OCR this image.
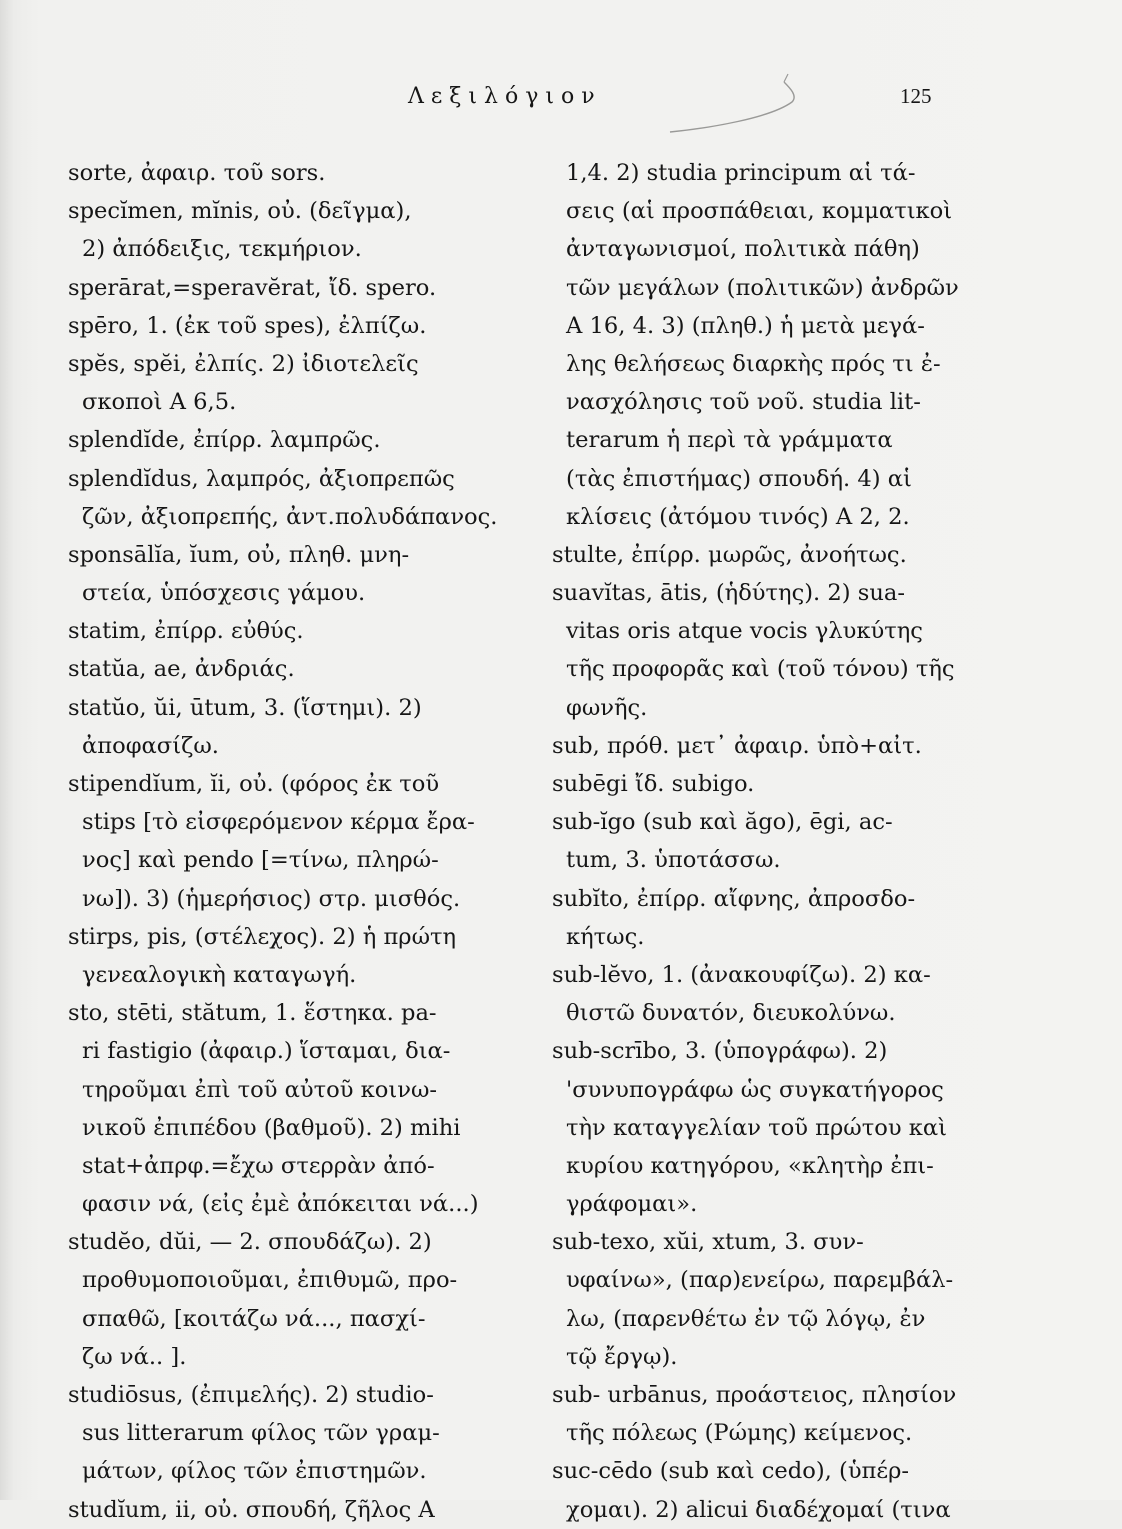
Λεξιλόγιον	125
sorte, ἀφαιρ. τοῦ sors.
specĭmen, mĭnis, οὐ. (δεῖγμα),
2) ἀπόδειξις, τεκμήριον.
sperārat,=speravĕrat, ἴδ. spero.
spēro, 1. (ἐκ τοῦ spes), ἐλπίζω.
spĕs, spĕi, ἐλπίς. 2) ἰδιοτελεῖς
σκοποὶ Α 6,5.
splendĭde, ἐπίρρ. λαμπρῶς.
splendĭdus, λαμπρός, ἀξιοπρεπῶς
ζῶν, ἀξιοπρεπής, ἀντ.πολυδάπανος.
sponsālĭa, ĭum, οὐ, πληθ. μνη-
στεία, ὑπόσχεσις γάμου.
statim, ἐπίρρ. εὐθύς.
statŭa, ae, ἀνδριάς.
statŭo, ŭi, ūtum, 3. (ἵστημι). 2)
ἀποφασίζω.
stipendĭum, ĭi, οὐ. (φόρος ἐκ τοῦ
stips [τὸ εἰσφερόμενον κέρμα ἔρα-
νος] καὶ pendo [=τίνω, πληρώ-
νω]). 3) (ἡμερήσιος) στρ. μισθός.
stirps, pis, (στέλεχος). 2) ἡ πρώτη
γενεαλογικὴ καταγωγή.
sto, stēti, stătum, 1. ἕστηκα. pa-
ri fastigio (ἀφαιρ.) ἵσταμαι, δια-
τηροῦμαι ἐπὶ τοῦ αὐτοῦ κοινω-
νικοῦ ἐπιπέδου (βαθμοῦ). 2) mihi
stat+ἀπρφ.=ἔχω στερρὰν ἀπό-
φασιν νά, (εἰς ἐμὲ ἀπόκειται νά...)
studĕo, dŭi, — 2. σπουδάζω). 2)
προθυμοποιοῦμαι, ἐπιθυμῶ, προ-
σπαθῶ, [κοιτάζω νά..., πασχί-
ζω νά.. ].
studiōsus, (ἐπιμελής). 2) studio-
sus litterarum φίλος τῶν γραμ-
μάτων, φίλος τῶν ἐπιστημῶν.
studĭum, ii, οὐ. σπουδή, ζῆλος Α
1,4. 2) studia principum αἱ τά-
σεις (αἱ προσπάθειαι, κομματικοὶ
ἀνταγωνισμοί, πολιτικὰ πάθη)
τῶν μεγάλων (πολιτικῶν) ἀνδρῶν
Α 16, 4. 3) (πληθ.) ἡ μετὰ μεγά-
λης θελήσεως διαρκὴς πρός τι ἐ-
νασχόλησις τοῦ νοῦ. studia lit-
terarum ἡ περὶ τὰ γράμματα
(τὰς ἐπιστήμας) σπουδή. 4) αἱ
κλίσεις (ἀτόμου τινός) Α 2, 2.
stulte, ἐπίρρ. μωρῶς, ἀνοήτως.
suavĭtas, ātis, (ἡδύτης). 2) sua-
vitas oris atque vocis γλυκύτης
τῆς προφορᾶς καὶ (τοῦ τόνου) τῆς
φωνῆς.
sub, πρόθ. μετ᾽ ἀφαιρ. ὑπὸ+αἰτ.
subēgi ἴδ. subigo.
sub-ĭgo (sub καὶ ăgo), ēgi, ac-
tum, 3. ὑποτάσσω.
subĭto, ἐπίρρ. αἴφνης, ἀπροσδο-
κήτως.
sub-lĕvo, 1. (ἀνακουφίζω). 2) κα-
θιστῶ δυνατόν, διευκολύνω.
sub-scrībo, 3. (ὑπογράφω). 2)
'συνυπογράφω ὡς συγκατήγορος
τὴν καταγγελίαν τοῦ πρώτου καὶ
κυρίου κατηγόρου, «κλητὴρ ἐπι-
γράφομαι».
sub-texo, xŭi, xtum, 3. συν-
υφαίνω», (παρ)ενείρω, παρεμβάλ-
λω, (παρενθέτω ἐν τῷ λόγῳ, ἐν
τῷ ἔργῳ).
sub- urbānus, προάστειος, πλησίον
τῆς πόλεως (Ρώμης) κείμενος.
suc-cēdo (sub καὶ cedo), (ὑπέρ-
χομαι). 2) alicui διαδέχομαί (τινα
